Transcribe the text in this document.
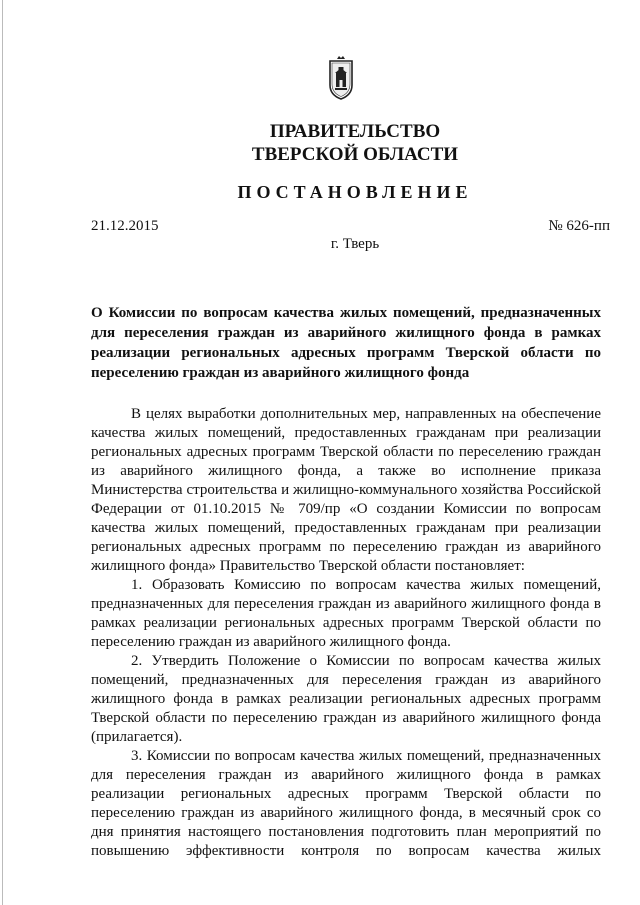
ПРАВИТЕЛЬСТВО
ТВЕРСКОЙ ОБЛАСТИ
ПОСТАНОВЛЕНИЕ
21.12.2015	№ 626-пп
г. Тверь
О Комиссии по вопросам качества жилых помещений, предназначенных для переселения граждан из аварийного жилищного фонда в рамках реализации региональных адресных программ Тверской области по переселению граждан из аварийного жилищного фонда

В целях выработки дополнительных мер, направленных на обеспечение качества жилых помещений, предоставленных гражданам при реализации региональных адресных программ Тверской области по переселению граждан из аварийного жилищного фонда, а также во исполнение приказа Министерства строительства и жилищно-коммунального хозяйства Российской Федерации от 01.10.2015 № 709/пр «О создании Комиссии по вопросам качества жилых помещений, предоставленных гражданам при реализации региональных адресных программ по переселению граждан из аварийного жилищного фонда» Правительство Тверской области постановляет:

1. Образовать Комиссию по вопросам качества жилых помещений, предназначенных для переселения граждан из аварийного жилищного фонда в рамках реализации региональных адресных программ Тверской области по переселению граждан из аварийного жилищного фонда.

2. Утвердить Положение о Комиссии по вопросам качества жилых помещений, предназначенных для переселения граждан из аварийного жилищного фонда в рамках реализации региональных адресных программ Тверской области по переселению граждан из аварийного жилищного фонда (прилагается).

3. Комиссии по вопросам качества жилых помещений, предназначенных для переселения граждан из аварийного жилищного фонда в рамках реализации региональных адресных программ Тверской области по переселению граждан из аварийного жилищного фонда, в месячный срок со дня принятия настоящего постановления подготовить план мероприятий по повышению эффективности контроля по вопросам качества жилых
